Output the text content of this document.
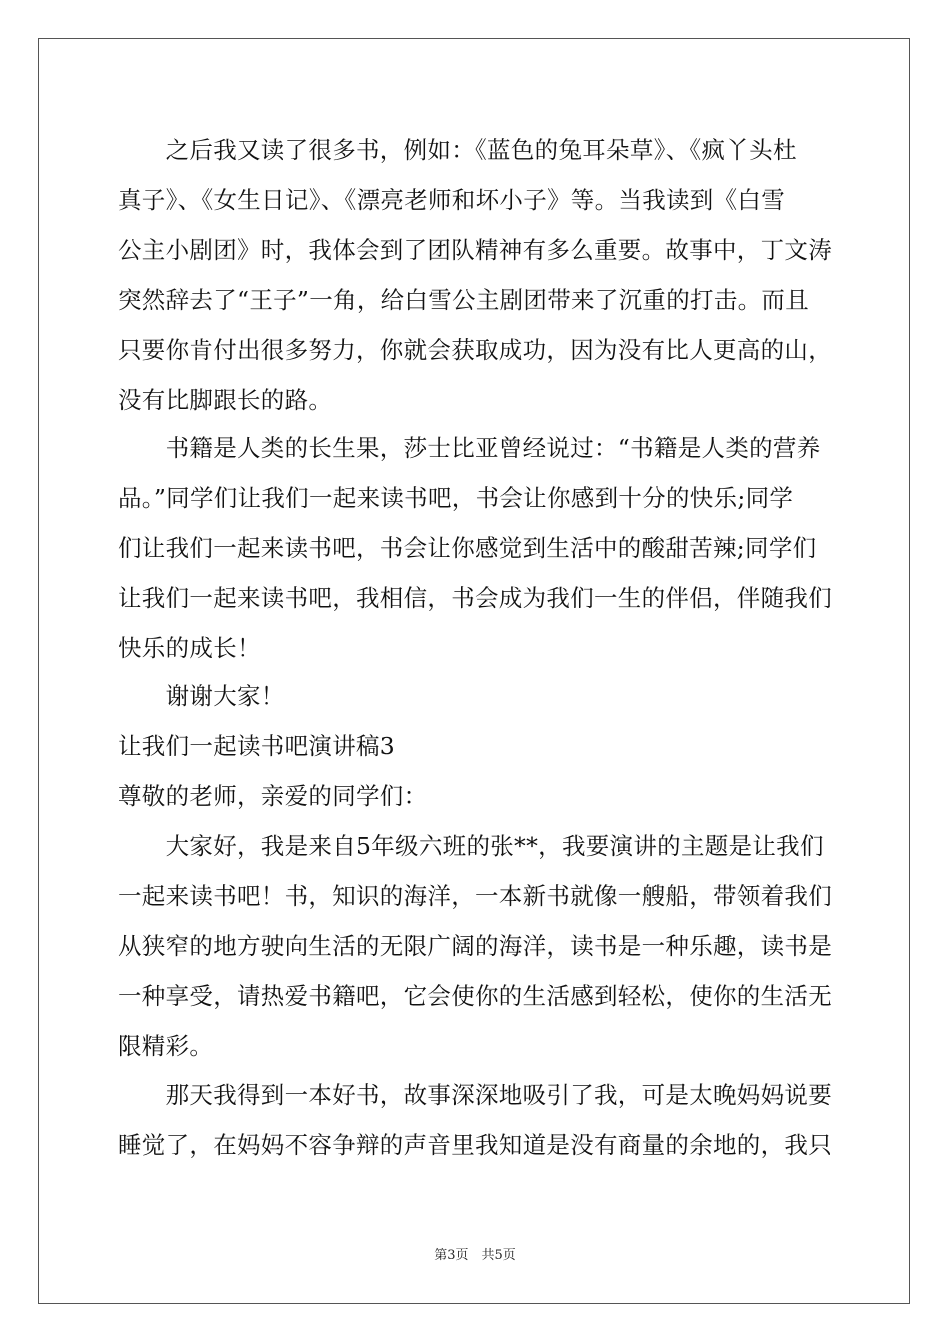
　　之后我又读了很多书，例如：《蓝色的兔耳朵草》、《疯丫头杜
真子》、《女生日记》、《漂亮老师和坏小子》等。当我读到《白雪
公主小剧团》时，我体会到了团队精神有多么重要。故事中，丁文涛
突然辞去了“王子”一角，给白雪公主剧团带来了沉重的打击。而且
只要你肯付出很多努力，你就会获取成功，因为没有比人更高的山，
没有比脚跟长的路。
　　书籍是人类的长生果，莎士比亚曾经说过：“书籍是人类的营养
品。”同学们让我们一起来读书吧，书会让你感到十分的快乐;同学
们让我们一起来读书吧，书会让你感觉到生活中的酸甜苦辣;同学们
让我们一起来读书吧，我相信，书会成为我们一生的伴侣，伴随我们
快乐的成长！
　　谢谢大家！
让我们一起读书吧演讲稿3
尊敬的老师，亲爱的同学们：
　　大家好，我是来自5年级六班的张**，我要演讲的主题是让我们
一起来读书吧！书，知识的海洋，一本新书就像一艘船，带领着我们
从狭窄的地方驶向生活的无限广阔的海洋，读书是一种乐趣，读书是
一种享受，请热爱书籍吧，它会使你的生活感到轻松，使你的生活无
限精彩。
　　那天我得到一本好书，故事深深地吸引了我，可是太晚妈妈说要
睡觉了，在妈妈不容争辩的声音里我知道是没有商量的余地的，我只
第3页　共5页
